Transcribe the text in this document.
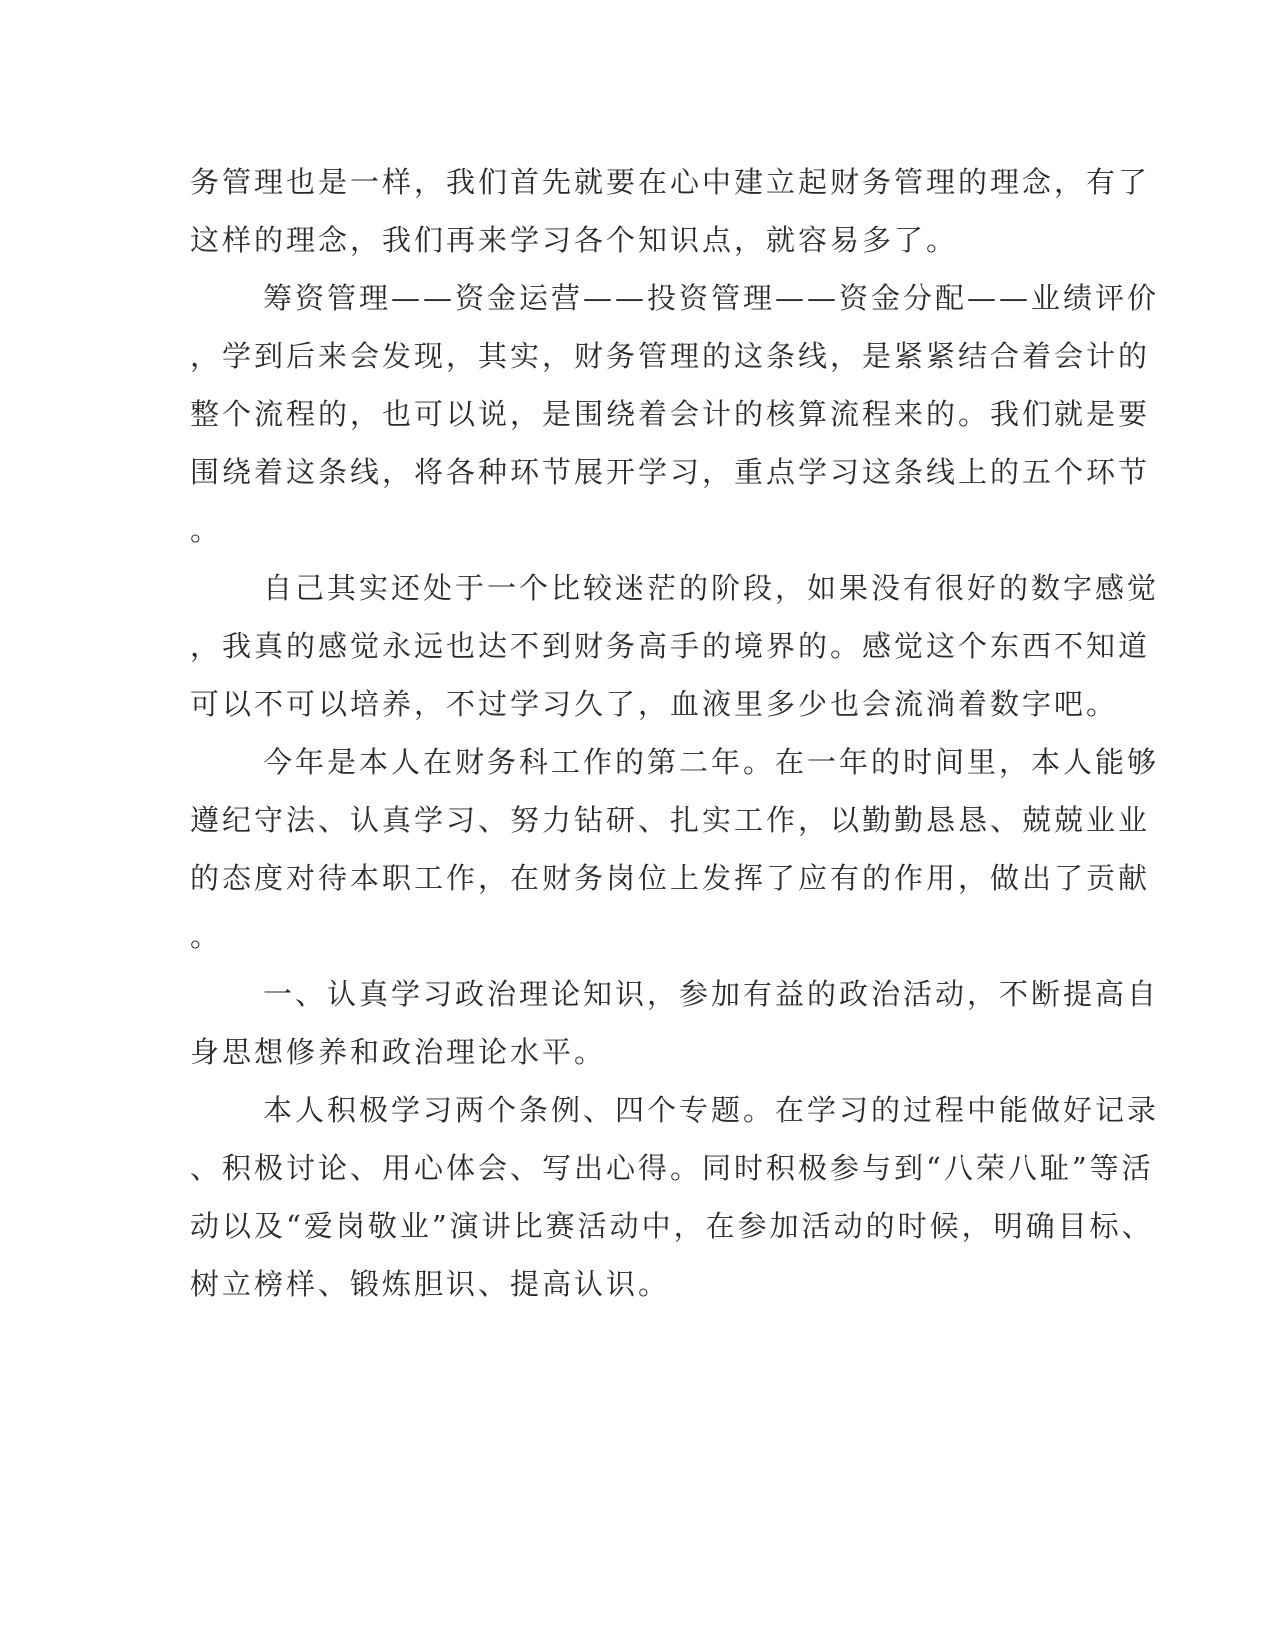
务管理也是一样，我们首先就要在心中建立起财务管理的理念，有了
这样的理念，我们再来学习各个知识点，就容易多了。
筹资管理——资金运营——投资管理——资金分配——业绩评价
，学到后来会发现，其实，财务管理的这条线，是紧紧结合着会计的
整个流程的，也可以说，是围绕着会计的核算流程来的。我们就是要
围绕着这条线，将各种环节展开学习，重点学习这条线上的五个环节
。
自己其实还处于一个比较迷茫的阶段，如果没有很好的数字感觉
，我真的感觉永远也达不到财务高手的境界的。感觉这个东西不知道
可以不可以培养，不过学习久了，血液里多少也会流淌着数字吧。
今年是本人在财务科工作的第二年。在一年的时间里，本人能够
遵纪守法、认真学习、努力钻研、扎实工作，以勤勤恳恳、兢兢业业
的态度对待本职工作，在财务岗位上发挥了应有的作用，做出了贡献
。
一、认真学习政治理论知识，参加有益的政治活动，不断提高自
身思想修养和政治理论水平。
本人积极学习两个条例、四个专题。在学习的过程中能做好记录
、积极讨论、用心体会、写出心得。同时积极参与到“八荣八耻”等活
动以及“爱岗敬业”演讲比赛活动中，在参加活动的时候，明确目标、
树立榜样、锻炼胆识、提高认识。
